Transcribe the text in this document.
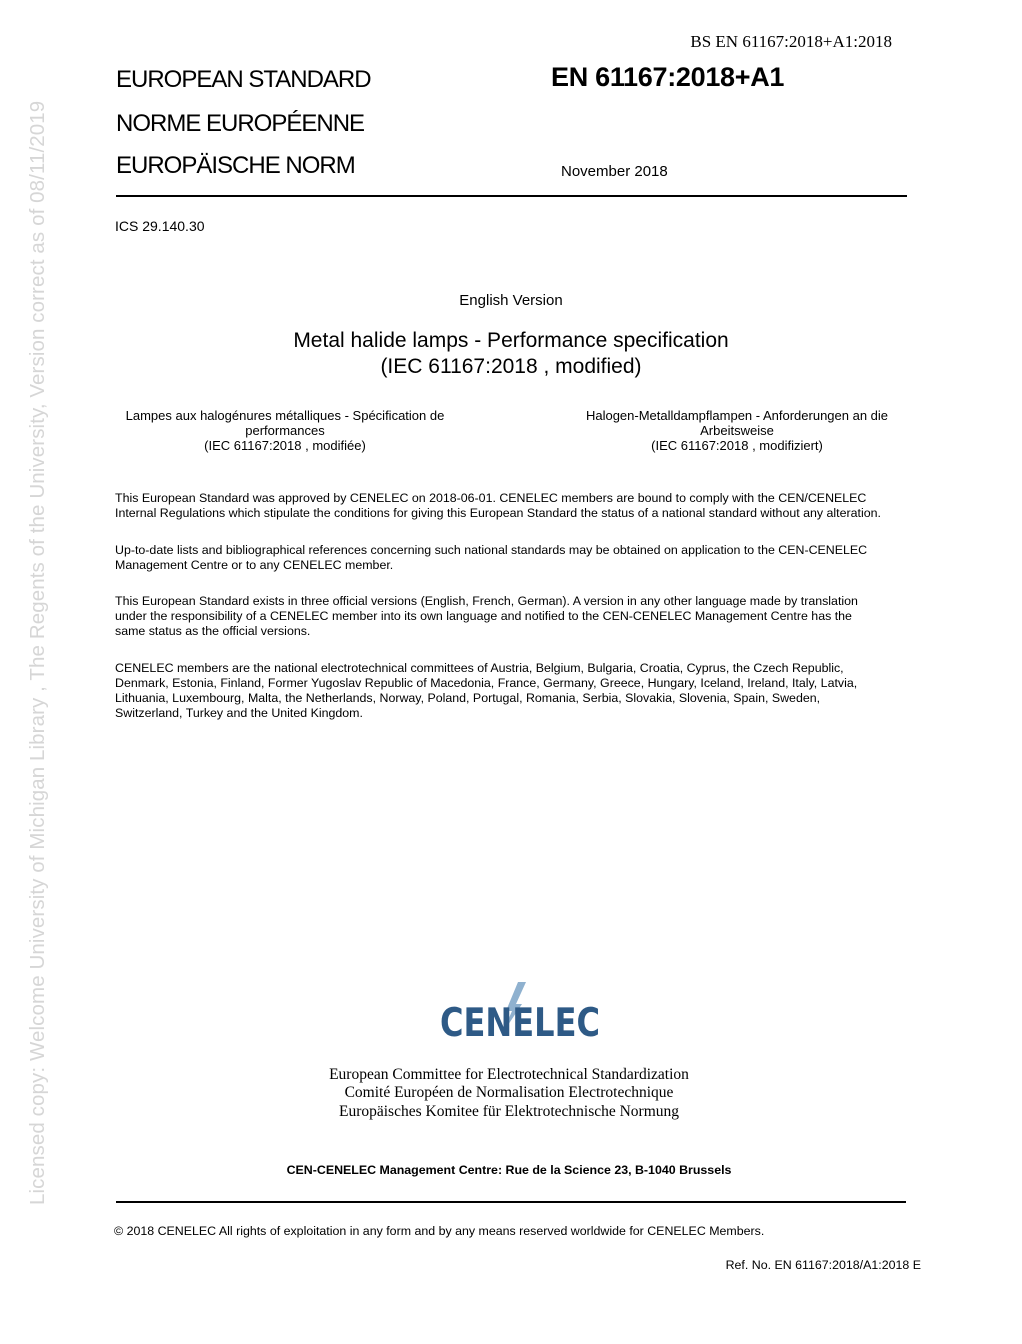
Licensed copy: Welcome University of Michigan Library , The Regents of the University, Version correct as of 08/11/2019
BS EN 61167:2018+A1:2018
EUROPEAN STANDARD
NORME EUROPÉENNE
EUROPÄISCHE NORM
EN 61167:2018+A1
November 2018
ICS 29.140.30
English Version
Metal halide lamps - Performance specification
(IEC 61167:2018 , modified)
Lampes aux halogénures métalliques - Spécification de
performances
(IEC 61167:2018 , modifiée)
Halogen-Metalldampflampen - Anforderungen an die
Arbeitsweise
(IEC 61167:2018 , modifiziert)
This European Standard was approved by CENELEC on 2018-06-01. CENELEC members are bound to comply with the CEN/CENELEC
Internal Regulations which stipulate the conditions for giving this European Standard the status of a national standard without any alteration.
Up-to-date lists and bibliographical references concerning such national standards may be obtained on application to the CEN-CENELEC
Management Centre or to any CENELEC member.
This European Standard exists in three official versions (English, French, German). A version in any other language made by translation
under the responsibility of a CENELEC member into its own language and notified to the CEN-CENELEC Management Centre has the
same status as the official versions.
CENELEC members are the national electrotechnical committees of Austria, Belgium, Bulgaria, Croatia, Cyprus, the Czech Republic,
Denmark, Estonia, Finland, Former Yugoslav Republic of Macedonia, France, Germany, Greece, Hungary, Iceland, Ireland, Italy, Latvia,
Lithuania, Luxembourg, Malta, the Netherlands, Norway, Poland, Portugal, Romania, Serbia, Slovakia, Slovenia, Spain, Sweden,
Switzerland, Turkey and the United Kingdom.
CENELEC
European Committee for Electrotechnical Standardization
Comité Européen de Normalisation Electrotechnique
Europäisches Komitee für Elektrotechnische Normung
CEN-CENELEC Management Centre: Rue de la Science 23, B-1040 Brussels
© 2018 CENELEC All rights of exploitation in any form and by any means reserved worldwide for CENELEC Members.
Ref. No. EN 61167:2018/A1:2018 E
